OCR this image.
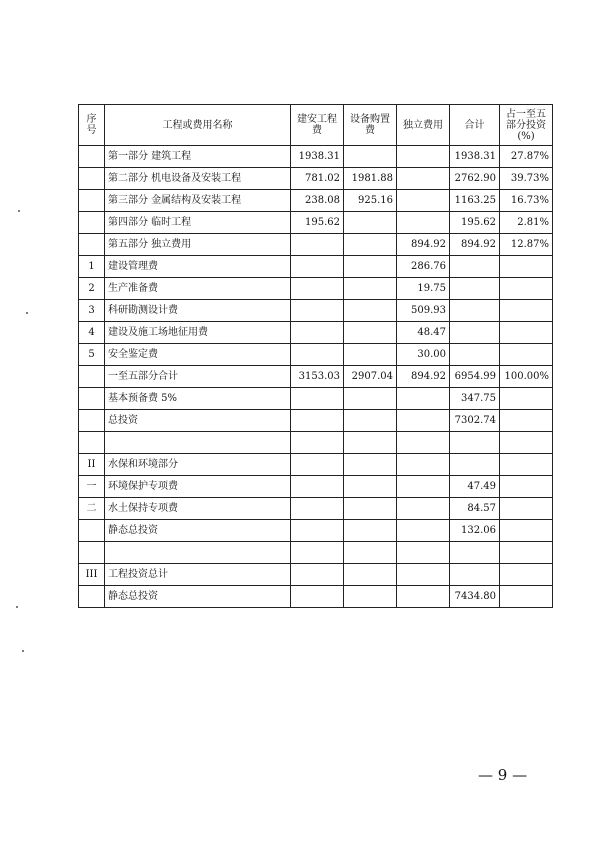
序号	工程或费用名称	建安工程费	设备购置费	独立费用	合计	占一至五部分投资(%)
	第一部分 建筑工程	1938.31			1938.31	27.87%
	第二部分 机电设备及安装工程	781.02	1981.88		2762.90	39.73%
	第三部分 金属结构及安装工程	238.08	925.16		1163.25	16.73%
	第四部分 临时工程	195.62			195.62	2.81%
	第五部分 独立费用			894.92	894.92	12.87%
1	建设管理费			286.76		
2	生产准备费			19.75		
3	科研勘测设计费			509.93		
4	建设及施工场地征用费			48.47		
5	安全鉴定费			30.00		
	一至五部分合计	3153.03	2907.04	894.92	6954.99	100.00%
	基本预备费 5%				347.75	
	总投资				7302.74	

II	水保和环境部分					
一	环境保护专项费				47.49	
二	水土保持专项费				84.57	
	静态总投资				132.06	

III	工程投资总计					
	静态总投资				7434.80	
— 9 —
